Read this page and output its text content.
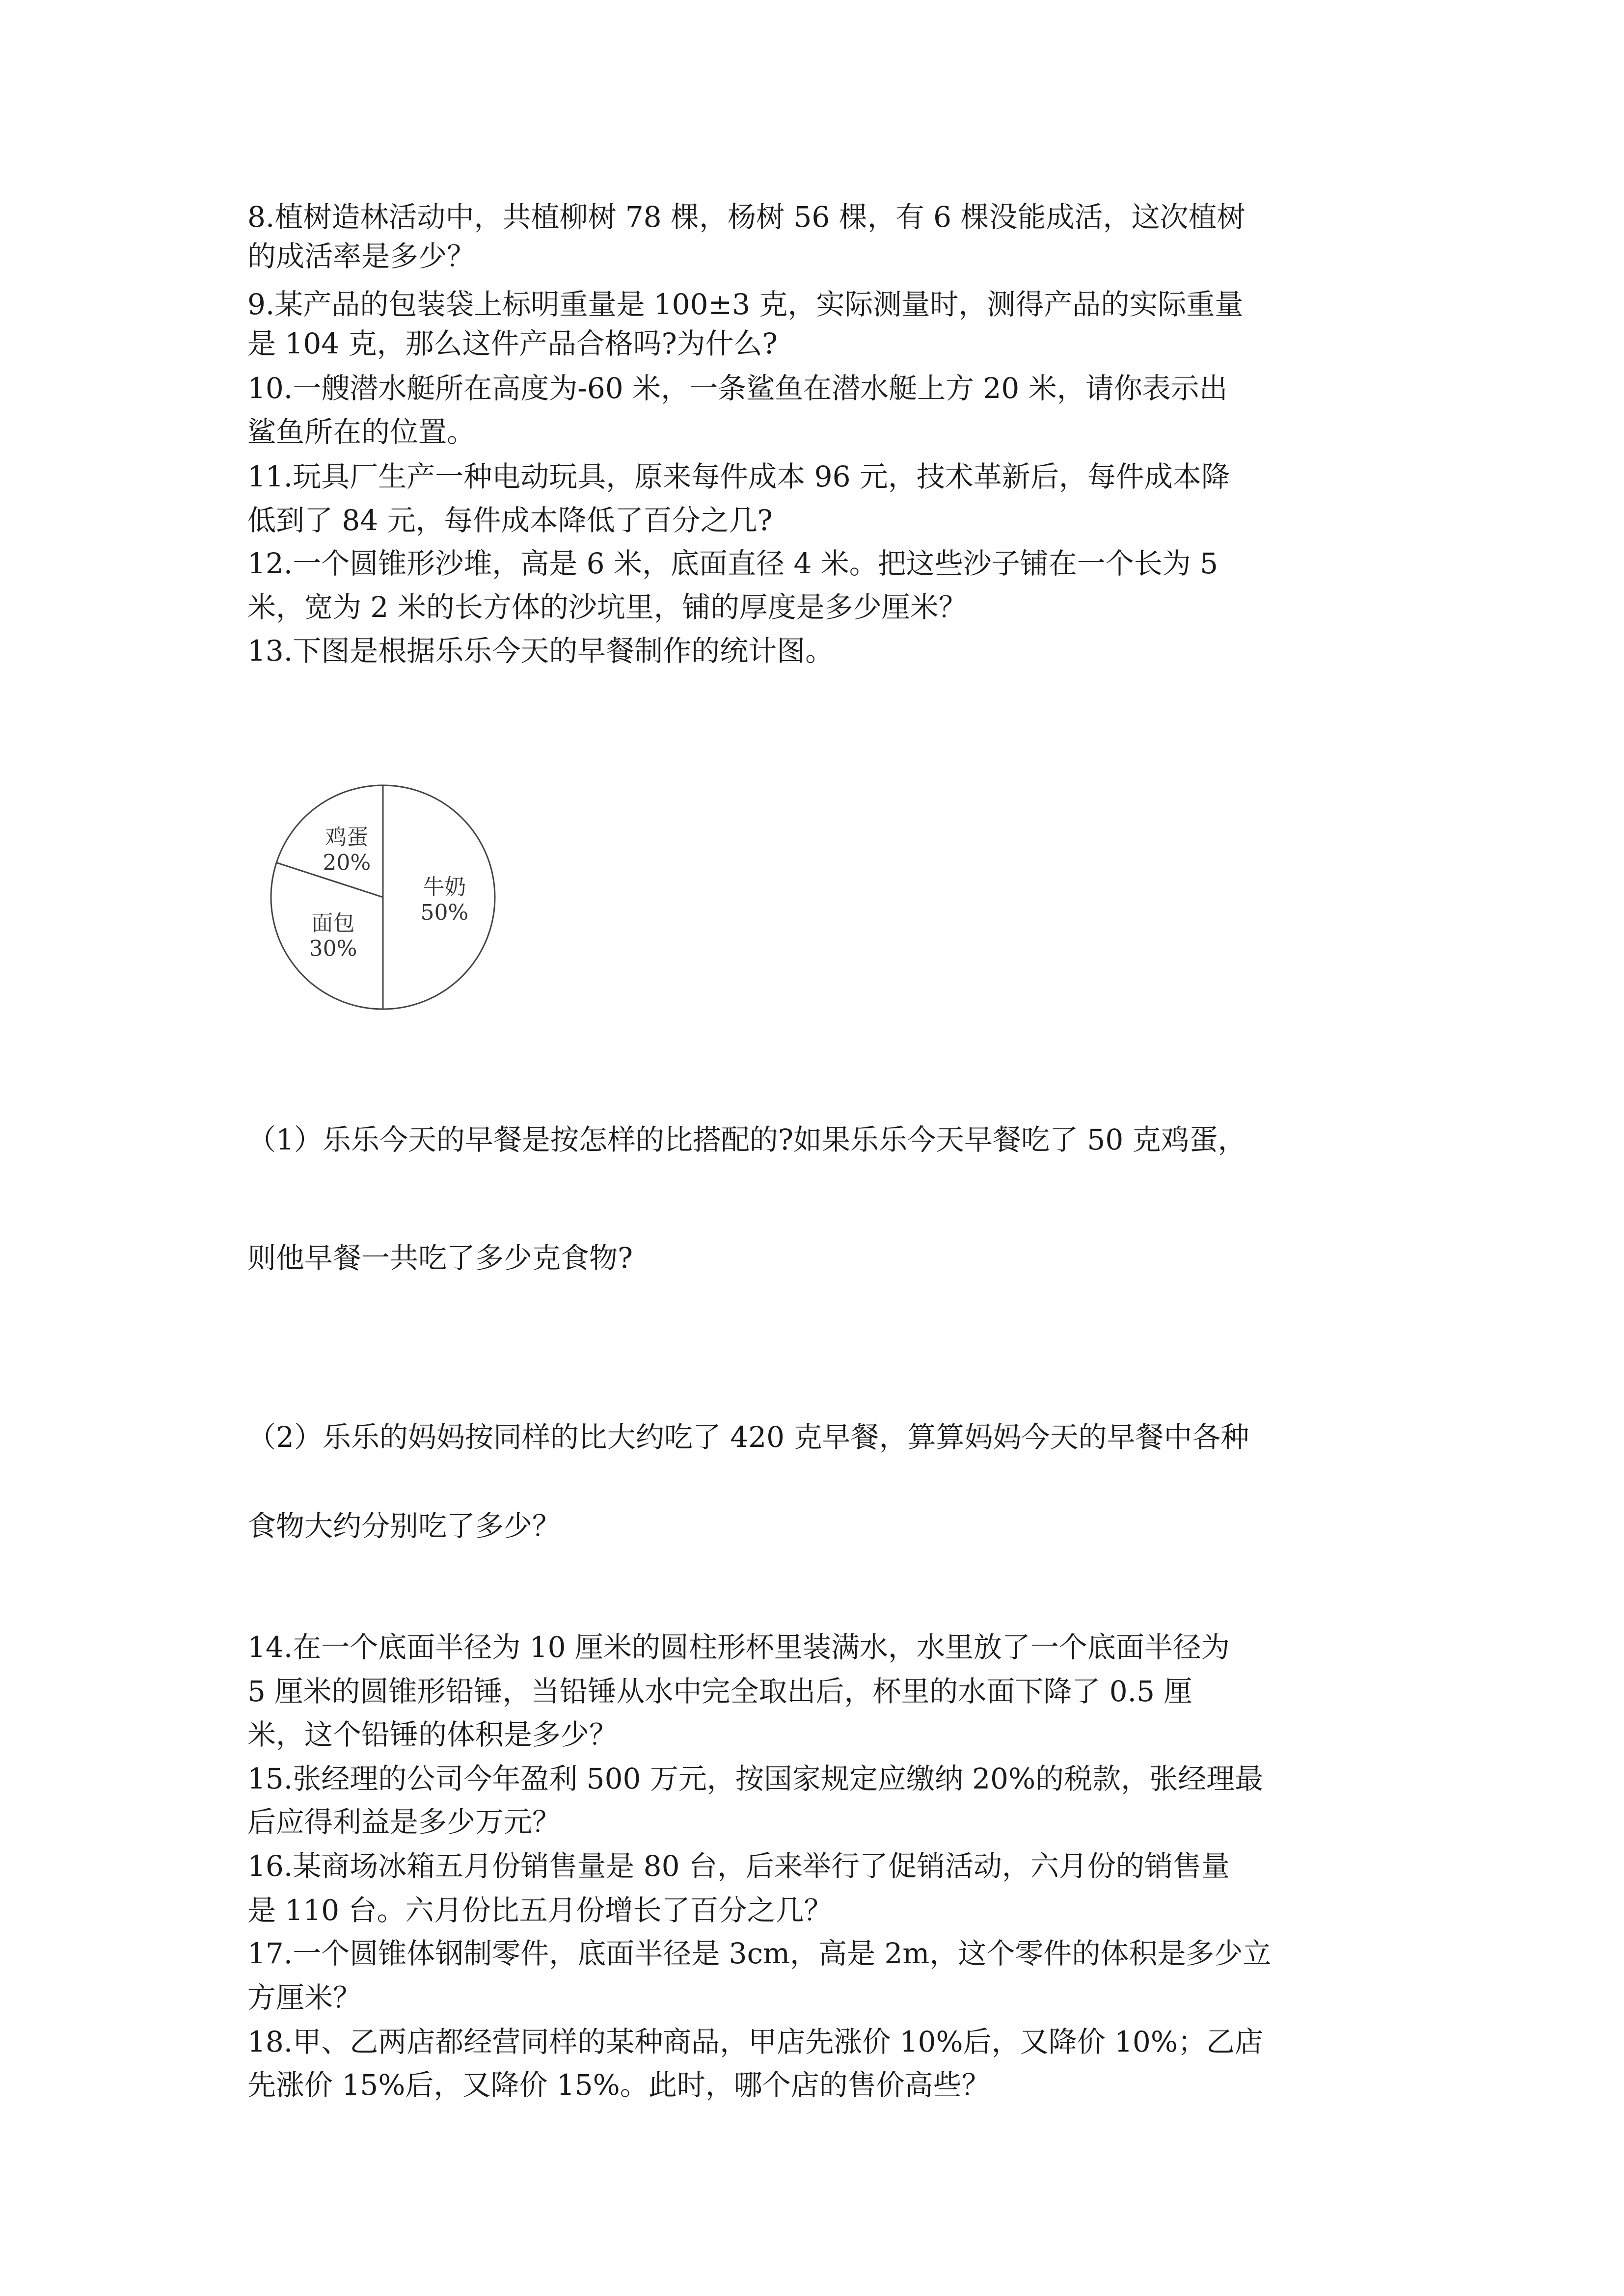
8.植树造林活动中，共植柳树 78 棵，杨树 56 棵，有 6 棵没能成活，这次植树
的成活率是多少？
9.某产品的包装袋上标明重量是 100±3 克，实际测量时，测得产品的实际重量
是 104 克，那么这件产品合格吗?为什么?
10.一艘潜水艇所在高度为-60 米，一条鲨鱼在潜水艇上方 20 米，请你表示出
鲨鱼所在的位置。
11.玩具厂生产一种电动玩具，原来每件成本 96 元，技术革新后，每件成本降
低到了 84 元，每件成本降低了百分之几?
12.一个圆锥形沙堆，高是 6 米，底面直径 4 米。把这些沙子铺在一个长为 5
米，宽为 2 米的长方体的沙坑里，铺的厚度是多少厘米？
13.下图是根据乐乐今天的早餐制作的统计图。
牛奶
50%
面包
30%
鸡蛋
20%
（1）乐乐今天的早餐是按怎样的比搭配的?如果乐乐今天早餐吃了 50 克鸡蛋，
则他早餐一共吃了多少克食物?
（2）乐乐的妈妈按同样的比大约吃了 420 克早餐，算算妈妈今天的早餐中各种
食物大约分别吃了多少？
14.在一个底面半径为 10 厘米的圆柱形杯里装满水，水里放了一个底面半径为
5 厘米的圆锥形铅锤，当铅锤从水中完全取出后，杯里的水面下降了 0.5 厘
米，这个铅锤的体积是多少？
15.张经理的公司今年盈利 500 万元，按国家规定应缴纳 20%的税款，张经理最
后应得利益是多少万元？
16.某商场冰箱五月份销售量是 80 台，后来举行了促销活动，六月份的销售量
是 110 台。六月份比五月份增长了百分之几？
17.一个圆锥体钢制零件，底面半径是 3cm，高是 2m，这个零件的体积是多少立
方厘米？
18.甲、乙两店都经营同样的某种商品，甲店先涨价 10%后，又降价 10%；乙店
先涨价 15%后，又降价 15%。此时，哪个店的售价高些？
